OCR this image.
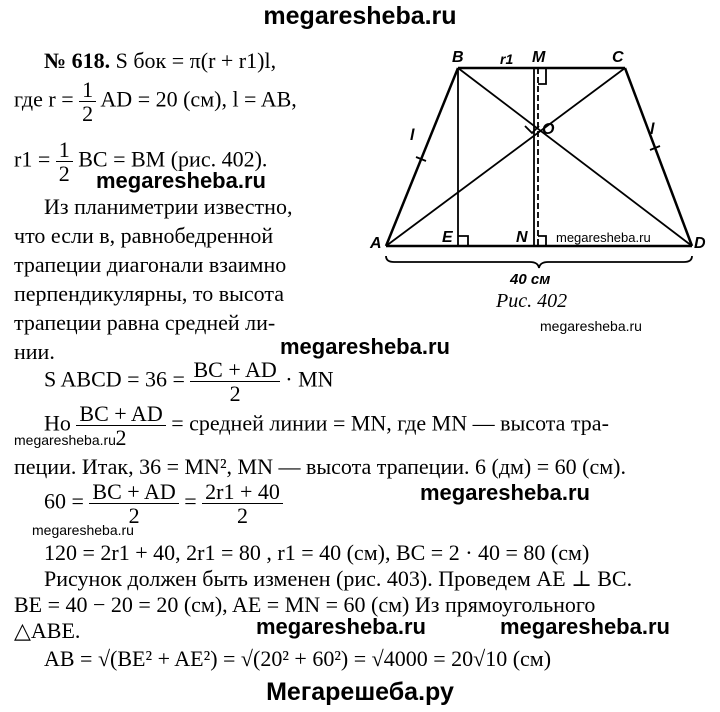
megaresheba.ru
№ 618. S бок = π(r + r1)l,
где $r = \frac{1}{2}$ AD = 20 (см), l = AB,
$r1 = \frac{1}{2}$ BC = BM (рис. 402).
megaresheba.ru
Из планиметрии известно,
что если в, равнобедренной
трапеции диагонали взаимно
перпендикулярны, то высота
трапеции равна средней ли-
нии.
B	r1 M	C
O
l	l
A	E	N	D
40 см
megaresheba.ru
Рис. 402
megaresheba.ru
megaresheba.ru
S ABCD = $36 = \frac{BC + AD}{2}$ · MN
Но $\frac{BC + AD}{2}$ = средней линии = MN, где MN — высота тра-
megaresheba.ru
пеции. Итак, 36 = MN², MN — высота трапеции. 6 (дм) = 60 (см).
megaresheba.ru
$60 = \frac{BC + AD}{2} = \frac{2r1 + 40}{2}$
megaresheba.ru
120 = 2r1 + 40, 2r1 = 80 , r1 = 40 (см), BC = 2 · 40 = 80 (см)
Рисунок должен быть изменен (рис. 403). Проведем AE ⊥ BC.
BE = 40 − 20 = 20 (см), AE = MN = 60 (см) Из прямоугольного
△ABE.	megaresheba.ru	megaresheba.ru
AB = √(BE² + AE²) = √(20² + 60²) = √4000 = 20√10 (см)
Мегарешеба.ру
